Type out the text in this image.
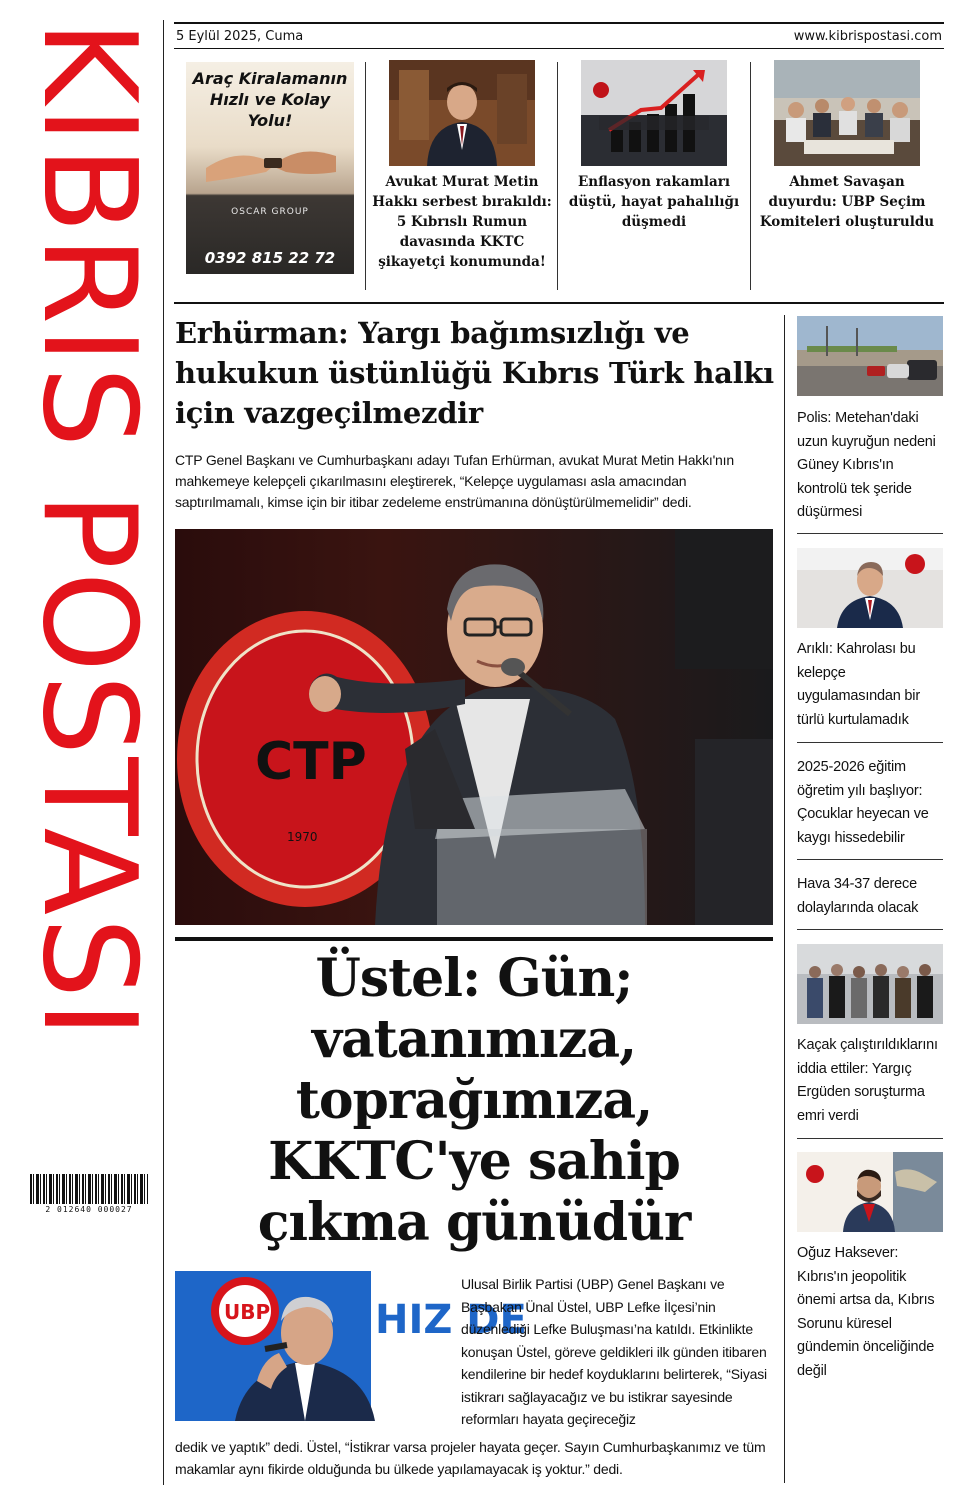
KIBRIS POSTASI
2 012640 000027
5 Eylül 2025, Cuma	www.kibrispostasi.com
Araç Kiralamanın Hızlı ve Kolay Yolu!
OSCAR GROUP
0392 815 22 72
Avukat Murat Metin Hakkı serbest bırakıldı: 5 Kıbrıslı Rumun davasında KKTC şikayetçi konumunda!
Enflasyon rakamları düştü, hayat pahalılığı düşmedi
Ahmet Savaşan duyurdu: UBP Seçim Komiteleri oluşturuldu
Erhürman: Yargı bağımsızlığı ve hukukun üstünlüğü Kıbrıs Türk halkı için vazgeçilmezdir

CTP Genel Başkanı ve Cumhurbaşkanı adayı Tufan Erhürman, avukat Murat Metin Hakkı'nın mahkemeye kelepçeli çıkarılmasını eleştirerek, “Kelepçe uygulaması asla amacından saptırılmamalı, kimse için bir itibar zedeleme enstrümanına dönüştürülmemelidir” dedi.

CTP
1970
Üstel: Gün; vatanımıza, toprağımıza, KKTC'ye sahip çıkma günüdür
HIZ DE
UBP

Ulusal Birlik Partisi (UBP) Genel Başkanı ve Başbakan Ünal Üstel, UBP Lefke İlçesi’nin düzenlediği Lefke Buluşması’na katıldı. Etkinlikte konuşan Üstel, göreve geldikleri ilk günden itibaren kendilerine bir hedef koyduklarını belirterek, “Siyasi istikrarı sağlayacağız ve bu istikrar sayesinde reformları hayata geçireceğiz

dedik ve yaptık” dedi. Üstel, “İstikrar varsa projeler hayata geçer. Sayın Cumhurbaşkanımız ve tüm makamlar aynı fikirde olduğunda bu ülkede yapılamayacak iş yoktur.” dedi.

Polis: Metehan'daki uzun kuyruğun nedeni Güney Kıbrıs'ın kontrolü tek şeride düşürmesi
Arıklı: Kahrolası bu kelepçe uygulamasından bir türlü kurtulamadık
2025-2026 eğitim öğretim yılı başlıyor: Çocuklar heyecan ve kaygı hissedebilir
Hava 34-37 derece dolaylarında olacak
Kaçak çalıştırıldıklarını iddia ettiler: Yargıç Ergüden soruşturma emri verdi
Oğuz Haksever: Kıbrıs'ın jeopolitik önemi artsa da, Kıbrıs Sorunu küresel gündemin önceliğinde değil
